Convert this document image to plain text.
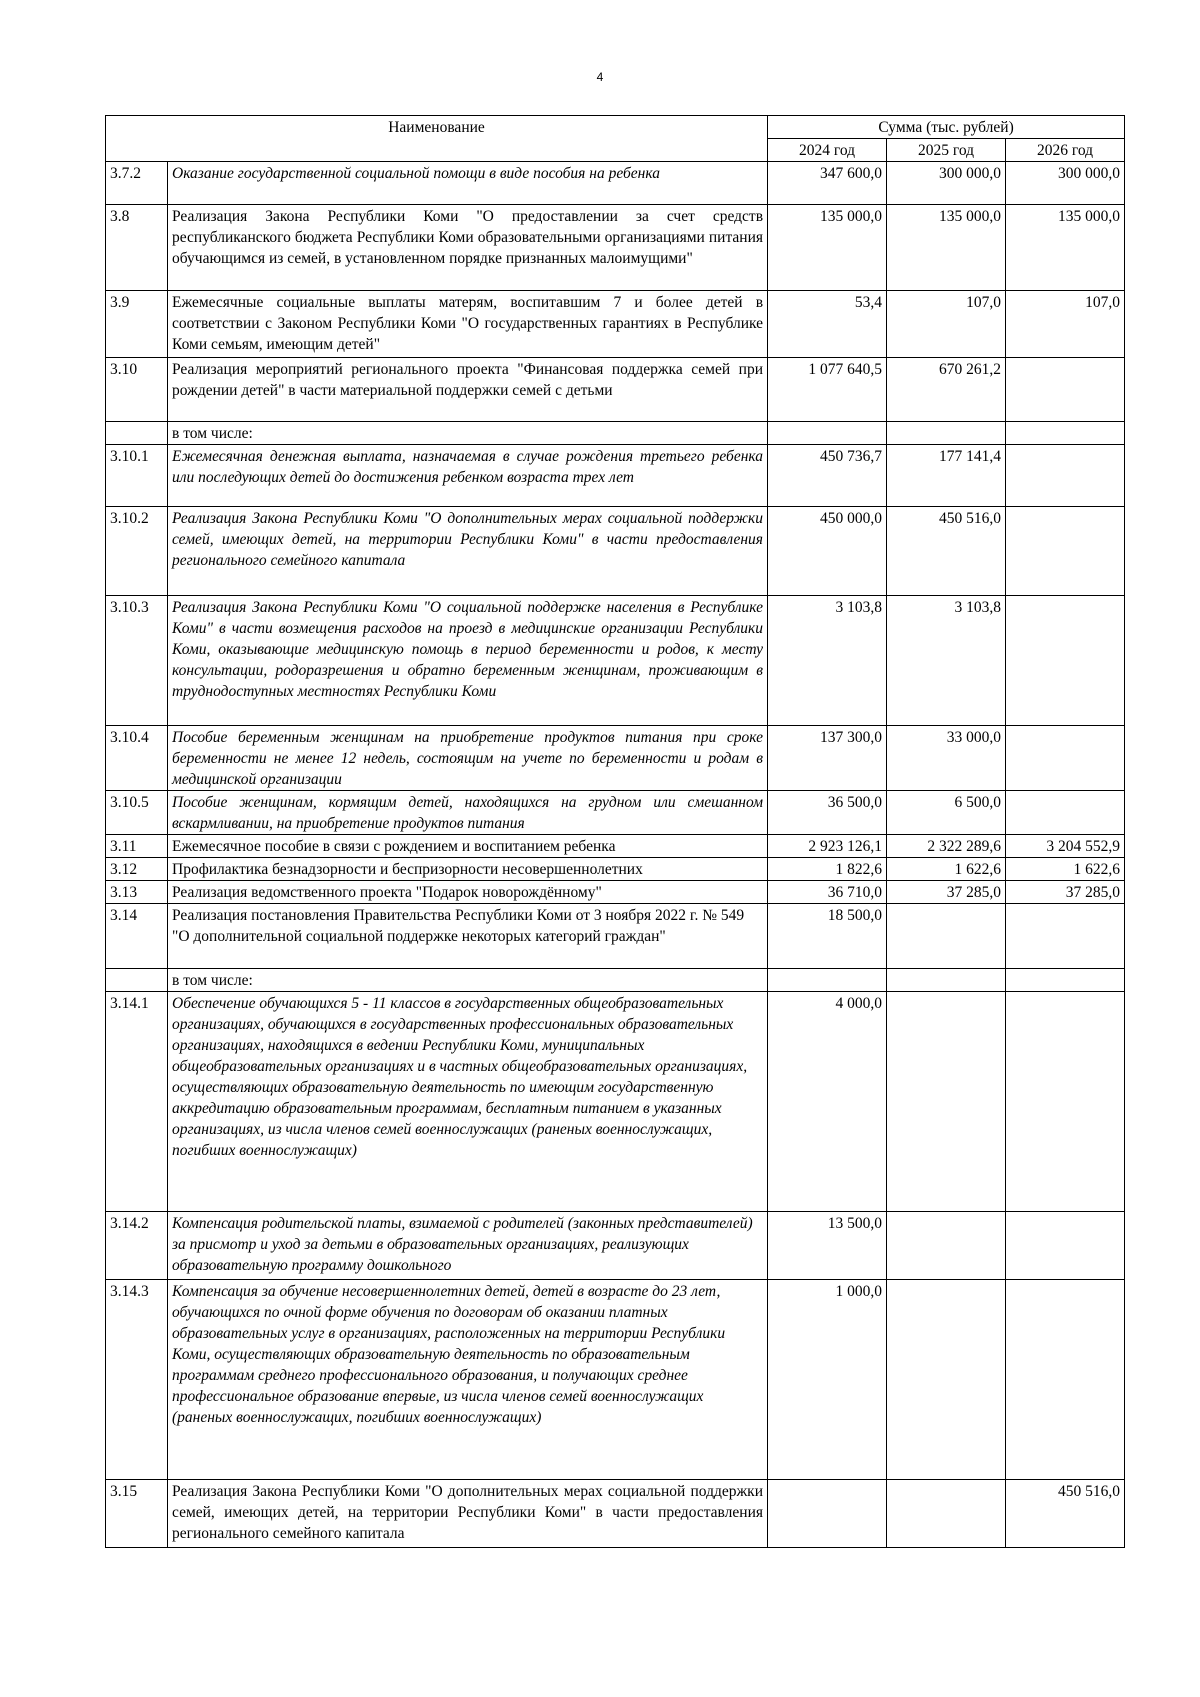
4
Наименование		Сумма (тыс. рублей)		
		2024 год	2025 год	2026 год
3.7.2	Оказание государственной социальной помощи в виде пособия на ребенка	347 600,0	300 000,0	300 000,0
3.8	Реализация Закона Республики Коми "О предоставлении за счет средств республиканского бюджета Республики Коми образовательными организациями питания обучающимся из семей, в установленном порядке признанных малоимущими"	135 000,0	135 000,0	135 000,0
3.9	Ежемесячные социальные выплаты матерям, воспитавшим 7 и более детей в соответствии с Законом Республики Коми "О государственных гарантиях в Республике Коми семьям, имеющим детей"	53,4	107,0	107,0
3.10	Реализация мероприятий регионального проекта "Финансовая поддержка семей при рождении детей" в части материальной поддержки семей с детьми	1 077 640,5	670 261,2	
	в том числе:			
3.10.1	Ежемесячная денежная выплата, назначаемая в случае рождения третьего ребенка или последующих детей до достижения ребенком возраста трех лет	450 736,7	177 141,4	
3.10.2	Реализация Закона Республики Коми "О дополнительных мерах социальной поддержки семей, имеющих детей, на территории Республики Коми" в части предоставления регионального семейного капитала	450 000,0	450 516,0	
3.10.3	Реализация Закона Республики Коми "О социальной поддержке населения в Республике Коми" в части возмещения расходов на проезд в медицинские организации Республики Коми, оказывающие медицинскую помощь в период беременности и родов, к месту консультации, родоразрешения и обратно беременным женщинам, проживающим в труднодоступных местностях Республики Коми	3 103,8	3 103,8	
3.10.4	Пособие беременным женщинам на приобретение продуктов питания при сроке беременности не менее 12 недель, состоящим на учете по беременности и родам в медицинской организации	137 300,0	33 000,0	
3.10.5	Пособие женщинам, кормящим детей, находящихся на грудном или смешанном вскармливании, на приобретение продуктов питания	36 500,0	6 500,0	
3.11	Ежемесячное пособие в связи с рождением и воспитанием ребенка	2 923 126,1	2 322 289,6	3 204 552,9
3.12	Профилактика безнадзорности и беспризорности несовершеннолетних	1 822,6	1 622,6	1 622,6
3.13	Реализация ведомственного проекта "Подарок новорождённому"	36 710,0	37 285,0	37 285,0
3.14	Реализация постановления Правительства Республики Коми от 3 ноября 2022 г. № 549 "О дополнительной социальной поддержке некоторых категорий граждан"	18 500,0		
	в том числе:			
3.14.1	Обеспечение обучающихся 5 - 11 классов в государственных общеобразовательных организациях, обучающихся в государственных профессиональных образовательных организациях, находящихся в ведении Республики Коми, муниципальных общеобразовательных организациях и в частных общеобразовательных организациях, осуществляющих образовательную деятельность по имеющим государственную аккредитацию образовательным программам, бесплатным питанием в указанных организациях, из числа членов семей военнослужащих (раненых военнослужащих, погибших военнослужащих)	4 000,0		
3.14.2	Компенсация родительской платы, взимаемой с родителей (законных представителей) за присмотр и уход за детьми в образовательных организациях, реализующих образовательную программу дошкольного	13 500,0		
3.14.3	Компенсация за обучение несовершеннолетних детей, детей в возрасте до 23 лет, обучающихся по очной форме обучения по договорам об оказании платных образовательных услуг в организациях, расположенных на территории Республики Коми, осуществляющих образовательную деятельность по образовательным программам среднего профессионального образования, и получающих среднее профессиональное образование впервые, из числа членов семей военнослужащих (раненых военнослужащих, погибших военнослужащих)	1 000,0		
3.15	Реализация Закона Республики Коми "О дополнительных мерах социальной поддержки семей, имеющих детей, на территории Республики Коми" в части предоставления регионального семейного капитала			450 516,0
